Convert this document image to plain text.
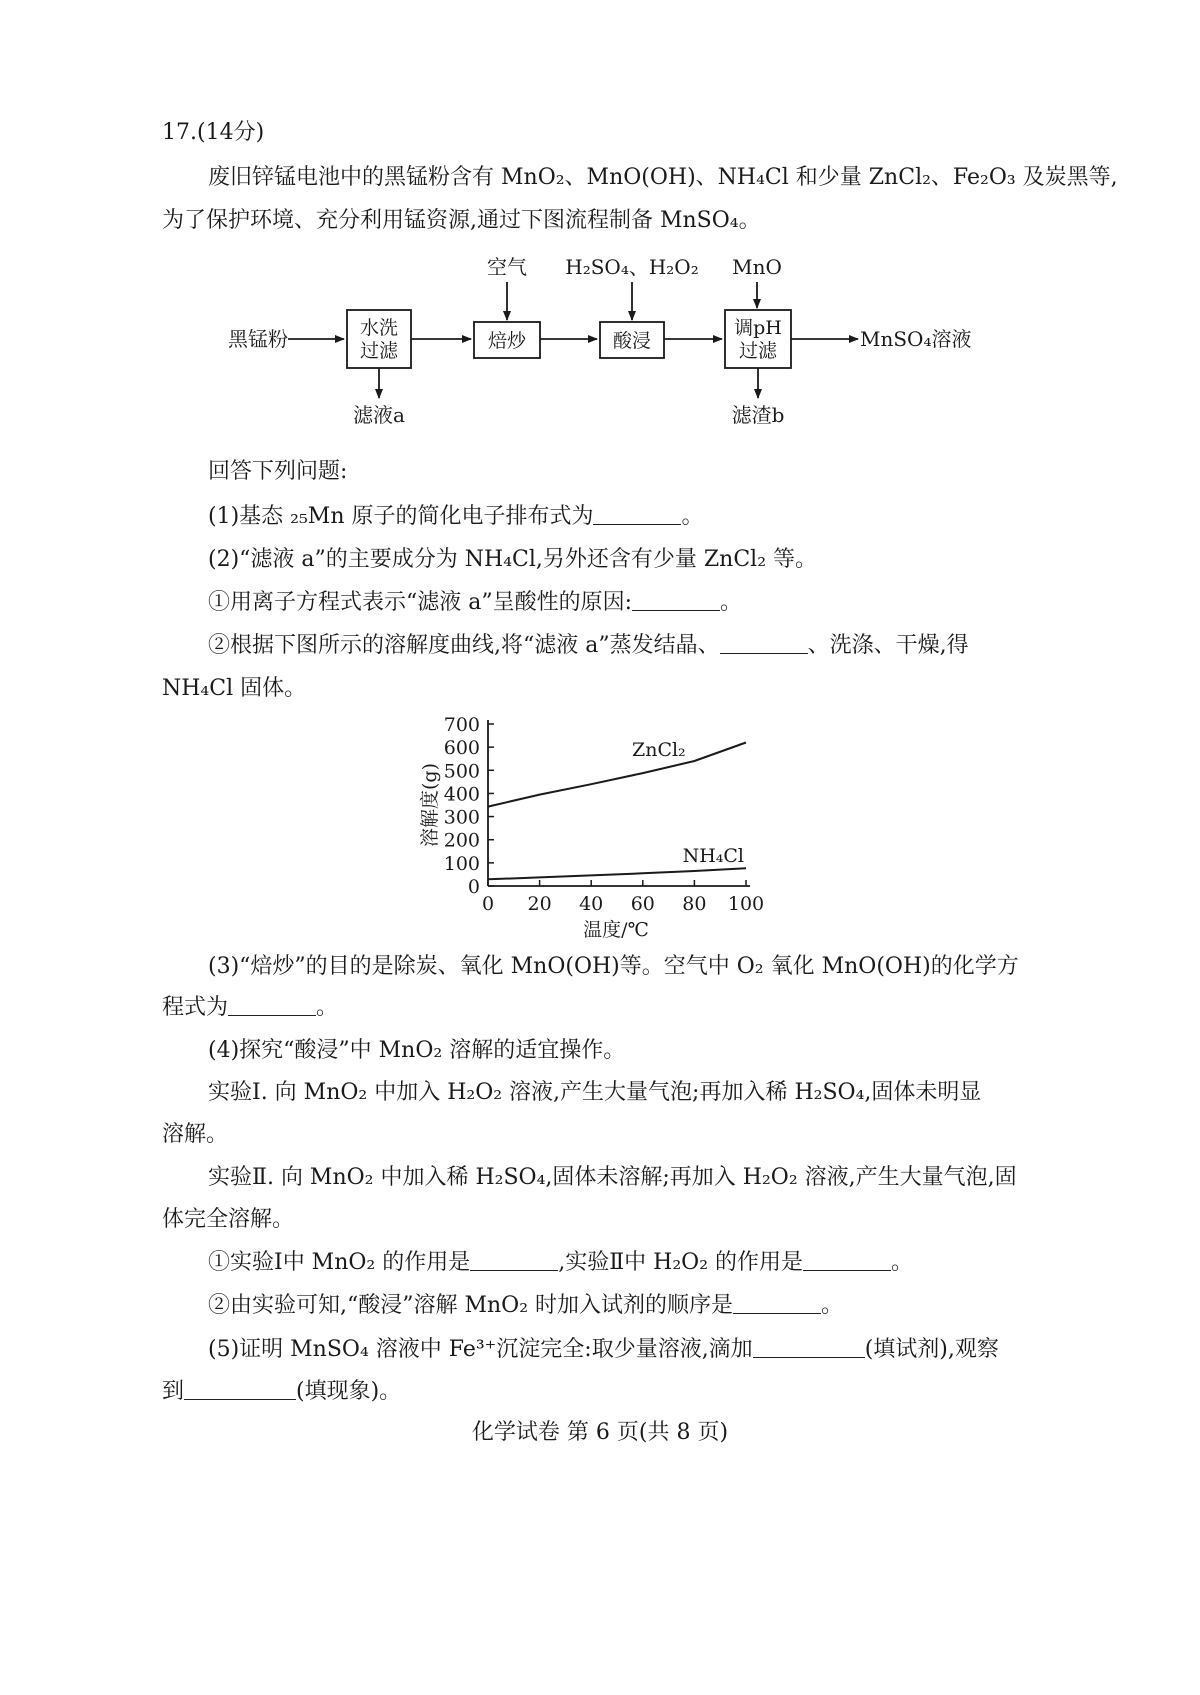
17.(14分)
废旧锌锰电池中的黑锰粉含有 MnO₂、MnO(OH)、NH₄Cl 和少量 ZnCl₂、Fe₂O₃ 及炭黑等,
为了保护环境、充分利用锰资源,通过下图流程制备 MnSO₄。
黑锰粉	水洗
过滤
滤液a
空气
焙炒
H₂SO₄、H₂O₂
酸浸
MnO
调pH
过滤
滤渣b
MnSO₄溶液
回答下列问题:
(1)基态 ₂₅Mn 原子的简化电子排布式为	。
(2)“滤液 a”的主要成分为 NH₄Cl,另外还含有少量 ZnCl₂ 等。
①用离子方程式表示“滤液 a”呈酸性的原因:	。
②根据下图所示的溶解度曲线,将“滤液 a”蒸发结晶、	、洗涤、干燥,得
NH₄Cl 固体。
0
100
200
300
400
500
600
700
0 20 40 60 80 100
温度/℃
溶解度(g)
ZnCl₂
NH₄Cl
(3)“焙炒”的目的是除炭、氧化 MnO(OH)等。空气中 O₂ 氧化 MnO(OH)的化学方
程式为	。
(4)探究“酸浸”中 MnO₂ 溶解的适宜操作。
实验Ⅰ. 向 MnO₂ 中加入 H₂O₂ 溶液,产生大量气泡;再加入稀 H₂SO₄,固体未明显
溶解。
实验Ⅱ. 向 MnO₂ 中加入稀 H₂SO₄,固体未溶解;再加入 H₂O₂ 溶液,产生大量气泡,固
体完全溶解。
①实验Ⅰ中 MnO₂ 的作用是	,实验Ⅱ中 H₂O₂ 的作用是	。
②由实验可知,“酸浸”溶解 MnO₂ 时加入试剂的顺序是	。
(5)证明 MnSO₄ 溶液中 Fe³⁺沉淀完全:取少量溶液,滴加	(填试剂),观察
到	(填现象)。
化学试卷 第 6 页(共 8 页)
